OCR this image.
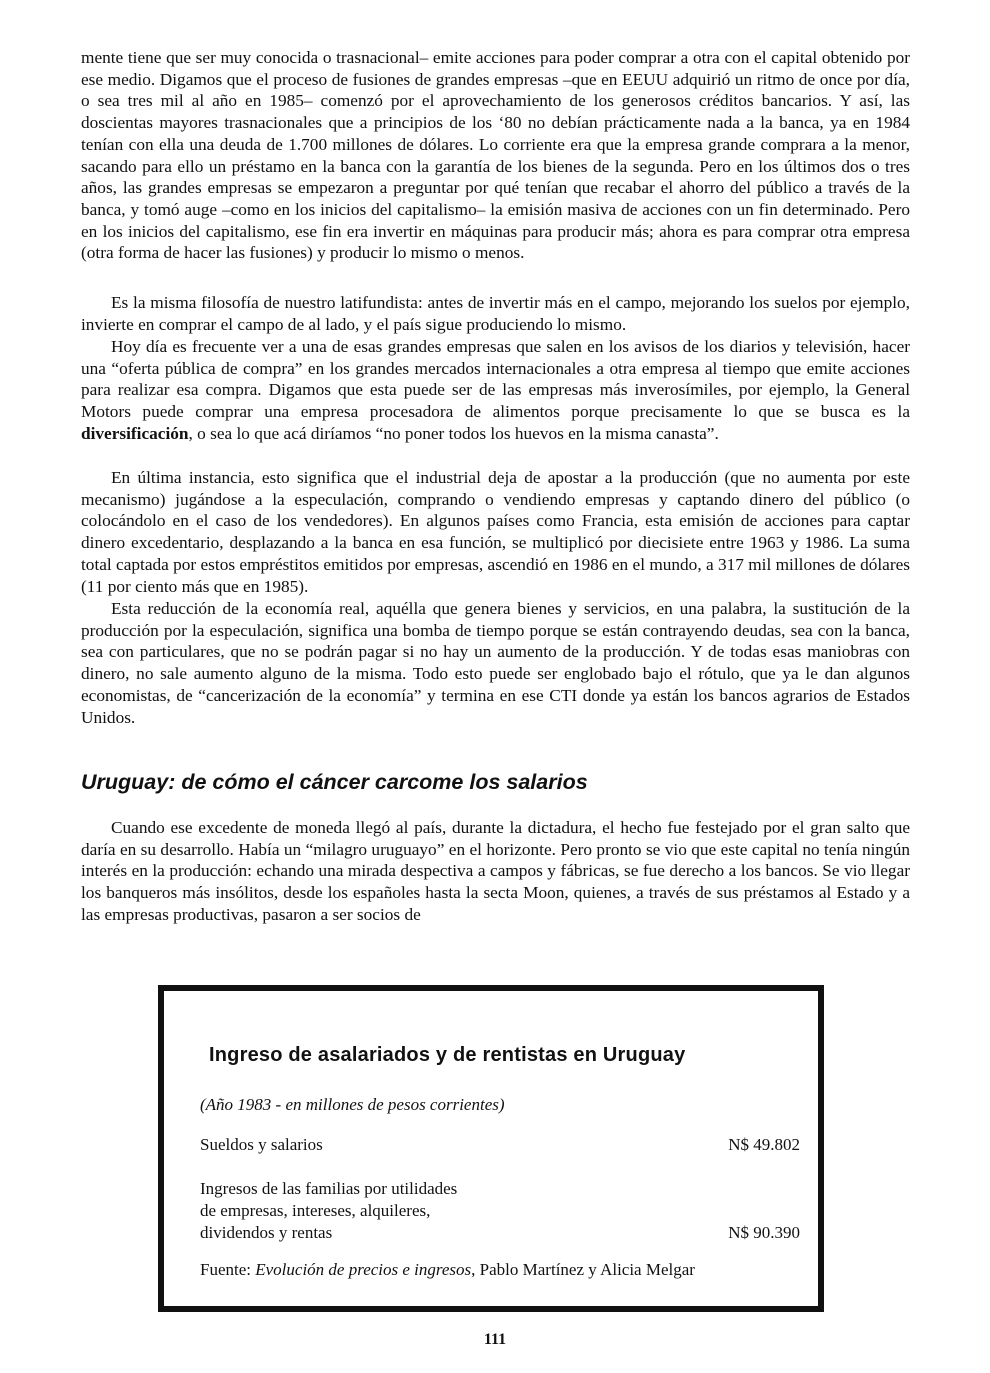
mente tiene que ser muy conocida o trasnacional– emite acciones para poder comprar a otra con el capital obtenido por ese medio. Digamos que el proceso de fusiones de grandes empresas –que en EEUU adquirió un ritmo de once por día, o sea tres mil al año en 1985– comenzó por el aprovechamiento de los generosos créditos bancarios. Y así, las doscientas mayores trasnacionales que a principios de los ‘80 no debían prácticamente nada a la banca, ya en 1984 tenían con ella una deuda de 1.700 millones de dólares. Lo corriente era que la empresa grande comprara a la menor, sacando para ello un préstamo en la banca con la garantía de los bienes de la segunda. Pero en los últimos dos o tres años, las grandes empresas se empezaron a preguntar por qué tenían que recabar el ahorro del público a través de la banca, y tomó auge –como en los inicios del capitalismo– la emisión masiva de acciones con un fin determinado. Pero en los inicios del capitalismo, ese fin era invertir en máquinas para producir más; ahora es para comprar otra empresa (otra forma de hacer las fusiones) y producir lo mismo o menos.

Es la misma filosofía de nuestro latifundista: antes de invertir más en el campo, mejorando los suelos por ejemplo, invierte en comprar el campo de al lado, y el país sigue produciendo lo mismo.

Hoy día es frecuente ver a una de esas grandes empresas que salen en los avisos de los diarios y televisión, hacer una “oferta pública de compra” en los grandes mercados internacionales a otra empresa al tiempo que emite acciones para realizar esa compra. Digamos que esta puede ser de las empresas más inverosímiles, por ejemplo, la General Motors puede comprar una empresa procesadora de alimentos porque precisamente lo que se busca es la diversificación, o sea lo que acá diríamos “no poner todos los huevos en la misma canasta”.

En última instancia, esto significa que el industrial deja de apostar a la producción (que no aumenta por este mecanismo) jugándose a la especulación, comprando o vendiendo empresas y captando dinero del público (o colocándolo en el caso de los vendedores). En algunos países como Francia, esta emisión de acciones para captar dinero excedentario, desplazando a la banca en esa función, se multiplicó por diecisiete entre 1963 y 1986. La suma total captada por estos empréstitos emitidos por empresas, ascendió en 1986 en el mundo, a 317 mil millones de dólares (11 por ciento más que en 1985).

Esta reducción de la economía real, aquélla que genera bienes y servicios, en una palabra, la sustitución de la producción por la especulación, significa una bomba de tiempo porque se están contrayendo deudas, sea con la banca, sea con particulares, que no se podrán pagar si no hay un aumento de la producción. Y de todas esas maniobras con dinero, no sale aumento alguno de la misma. Todo esto puede ser englobado bajo el rótulo, que ya le dan algunos economistas, de “cancerización de la economía” y termina en ese CTI donde ya están los bancos agrarios de Estados Unidos.

Uruguay: de cómo el cáncer carcome los salarios

Cuando ese excedente de moneda llegó al país, durante la dictadura, el hecho fue festejado por el gran salto que daría en su desarrollo. Había un “milagro uruguayo” en el horizonte. Pero pronto se vio que este capital no tenía ningún interés en la producción: echando una mirada despectiva a campos y fábricas, se fue derecho a los bancos. Se vio llegar los banqueros más insólitos, desde los españoles hasta la secta Moon, quienes, a través de sus préstamos al Estado y a las empresas productivas, pasaron a ser socios de

Ingreso de asalariados y de rentistas en Uruguay
(Año 1983 - en millones de pesos corrientes)
Sueldos y salarios	N$ 49.802
Ingresos de las familias por utilidades
de empresas, intereses, alquileres,
dividendos y rentas	N$ 90.390
Fuente: Evolución de precios e ingresos, Pablo Martínez y Alicia Melgar
111
